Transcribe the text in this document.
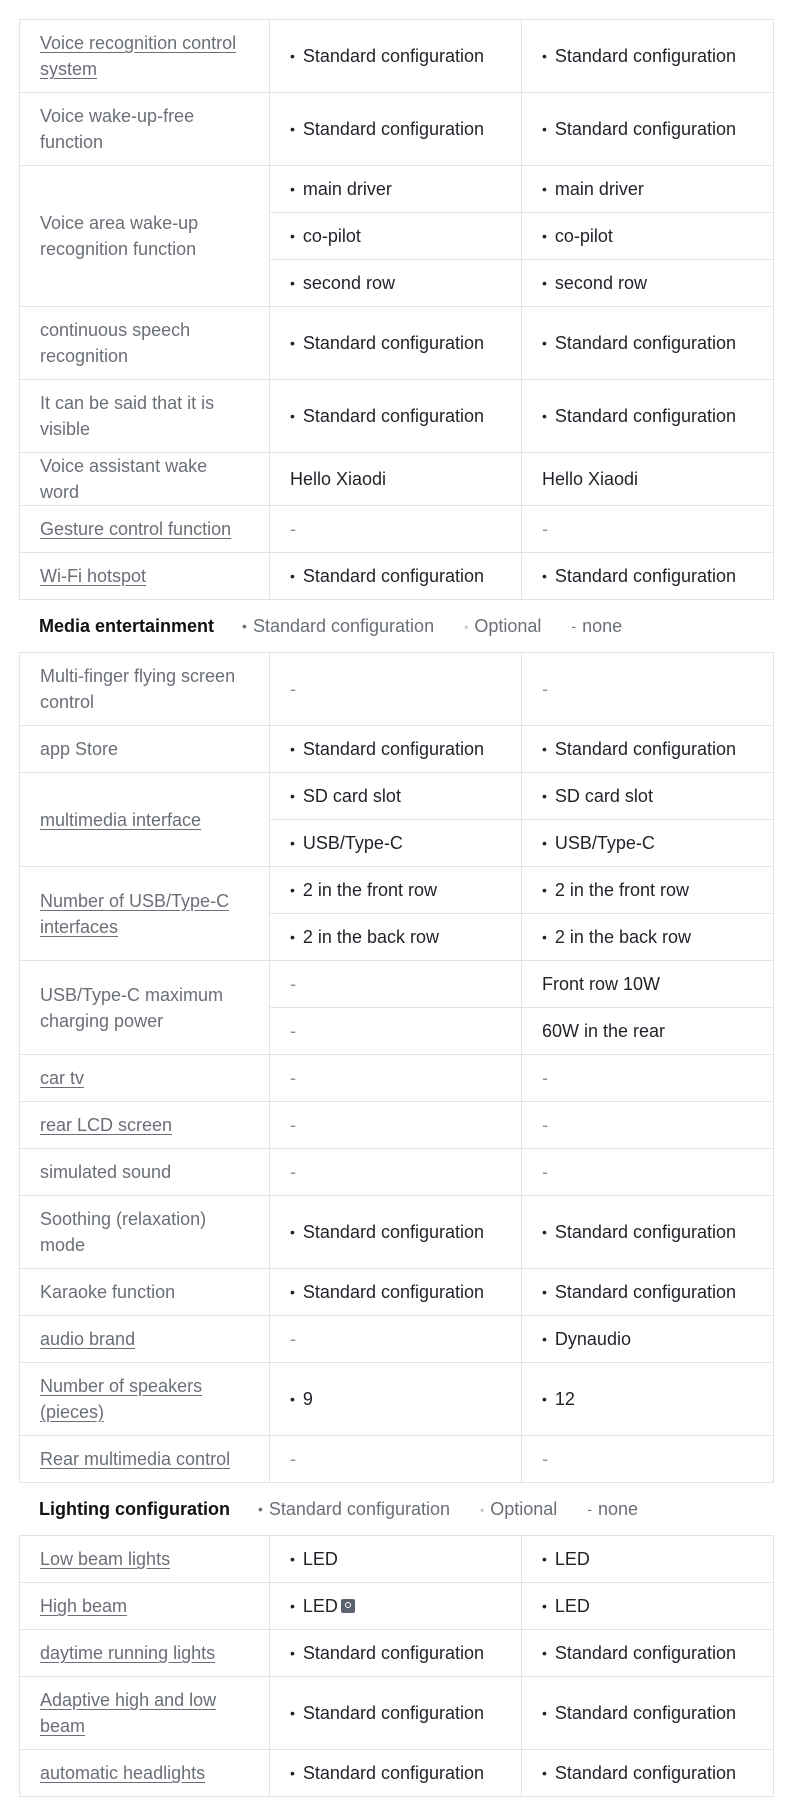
Voice recognition control system	• Standard configuration	• Standard configuration
Voice wake-up-free function	• Standard configuration	• Standard configuration
Voice area wake-up recognition function	• main driver	• main driver
	• co-pilot	• co-pilot
	• second row	• second row
continuous speech recognition	• Standard configuration	• Standard configuration
It can be said that it is visible	• Standard configuration	• Standard configuration
Voice assistant wake word	Hello Xiaodi	Hello Xiaodi
Gesture control function	-	-
Wi-Fi hotspot	• Standard configuration	• Standard configuration
Media entertainment • Standard configuration	◦ Optional - none
Multi-finger flying screen control	-	-
app Store	• Standard configuration	• Standard configuration
multimedia interface	• SD card slot	• SD card slot
	• USB/Type-C	• USB/Type-C
Number of USB/Type-C interfaces	• 2 in the front row	• 2 in the front row
	• 2 in the back row	• 2 in the back row
USB/Type-C maximum charging power	-	Front row 10W
	-	60W in the rear
car tv	-	-
rear LCD screen	-	-
simulated sound	-	-
Soothing (relaxation) mode	• Standard configuration	• Standard configuration
Karaoke function	• Standard configuration	• Standard configuration
audio brand	-	• Dynaudio
Number of speakers (pieces)	• 9	• 12
Rear multimedia control	-	-
Lighting configuration • Standard configuration	◦ Optional - none
Low beam lights	• LED	• LED
High beam	• LED	• LED
daytime running lights	• Standard configuration	• Standard configuration
Adaptive high and low beam	• Standard configuration	• Standard configuration
automatic headlights	• Standard configuration	• Standard configuration
